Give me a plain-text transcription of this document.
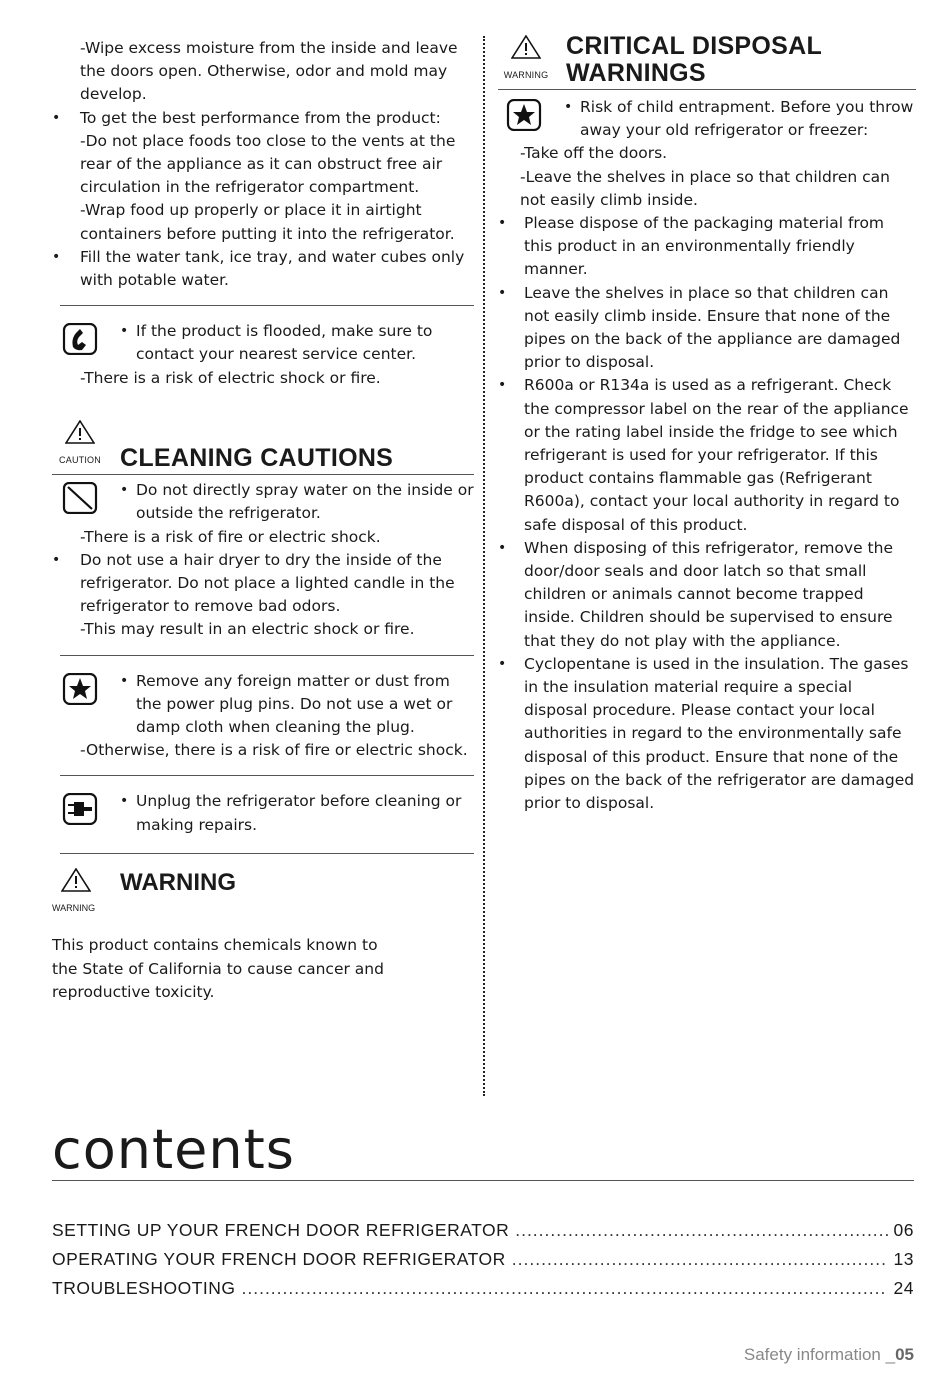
-Wipe excess moisture from the inside and leave the doors open. Otherwise, odor and mold may develop.

• To get the best performance from the product:

-Do not place foods too close to the vents at the rear of the appliance as it can obstruct free air circulation in the refrigerator compartment.

-Wrap food up properly or place it in airtight containers before putting it into the refrigerator.

• Fill the water tank, ice tray, and water cubes only with potable water.

• If the product is flooded, make sure to contact your nearest service center.

-There is a risk of electric shock or fire.

CAUTION CLEANING CAUTIONS
• Do not directly spray water on the inside or outside the refrigerator.

-There is a risk of fire or electric shock.

• Do not use a hair dryer to dry the inside of the refrigerator. Do not place a lighted candle in the refrigerator to remove bad odors.

-This may result in an electric shock or fire.

• Remove any foreign matter or dust from the power plug pins. Do not use a wet or damp cloth when cleaning the plug.

-Otherwise, there is a risk of fire or electric shock.

• Unplug the refrigerator before cleaning or making repairs.
WARNING
WARNING

This product contains chemicals known to the State of California to cause cancer and reproductive toxicity.

WARNING
CRITICAL DISPOSAL
WARNINGS
• Risk of child entrapment. Before you throw away your old refrigerator or freezer:

-Take off the doors.

-Leave the shelves in place so that children can not easily climb inside.

• Please dispose of the packaging material from this product in an environmentally friendly manner.

• Leave the shelves in place so that children can not easily climb inside. Ensure that none of the pipes on the back of the appliance are damaged prior to disposal.

• R600a or R134a is used as a refrigerant. Check the compressor label on the rear of the appliance or the rating label inside the fridge to see which refrigerant is used for your refrigerator. If this product contains flammable gas (Refrigerant R600a), contact your local authority in regard to safe disposal of this product.

• When disposing of this refrigerator, remove the door/door seals and door latch so that small children or animals cannot become trapped inside. Children should be supervised to ensure that they do not play with the appliance.

• Cyclopentane is used in the insulation. The gases in the insulation material require a special disposal procedure. Please contact your local authorities in regard to the environmentally safe disposal of this product. Ensure that none of the pipes on the back of the refrigerator are damaged prior to disposal.

contents
SETTING UP YOUR FRENCH DOOR REFRIGERATOR .....	06
OPERATING YOUR FRENCH DOOR REFRIGERATOR .....	13
TROUBLESHOOTING .....	24
Safety information _05
